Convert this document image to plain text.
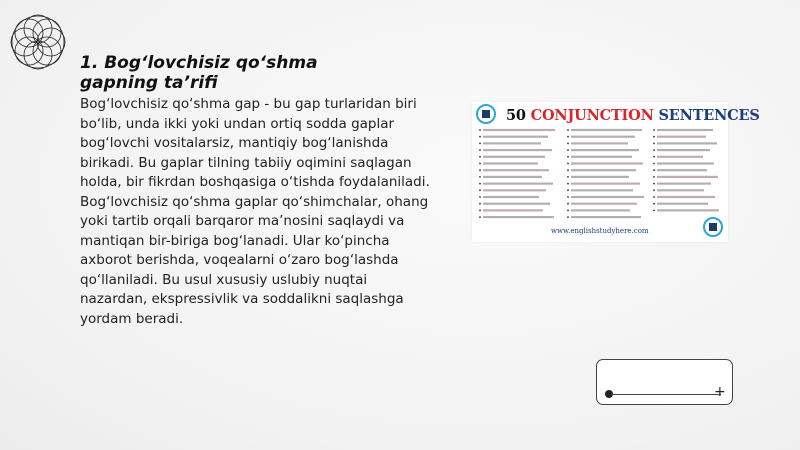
1. Bog‘lovchisiz qo‘shma gapning ta’rifi

Bog‘lovchisiz qo‘shma gap - bu gap turlaridan biri bo‘lib, unda ikki yoki undan ortiq sodda gaplar bog‘lovchi vositalarsiz, mantiqiy bog‘lanishda birikadi. Bu gaplar tilning tabiiy oqimini saqlagan holda, bir fikrdan boshqasiga o‘tishda foydalaniladi. Bog‘lovchisiz qo‘shma gaplar qo‘shimchalar, ohang yoki tartib orqali barqaror ma’nosini saqlaydi va mantiqan bir-biriga bog‘lanadi. Ular ko‘pincha axborot berishda, voqealarni o‘zaro bog‘lashda qo‘llaniladi. Bu usul xususiy uslubiy nuqtai nazardan, ekspressivlik va soddalikni saqlashga yordam beradi.

50 CONJUNCTION SENTENCES
www.englishstudyhere.com
+
